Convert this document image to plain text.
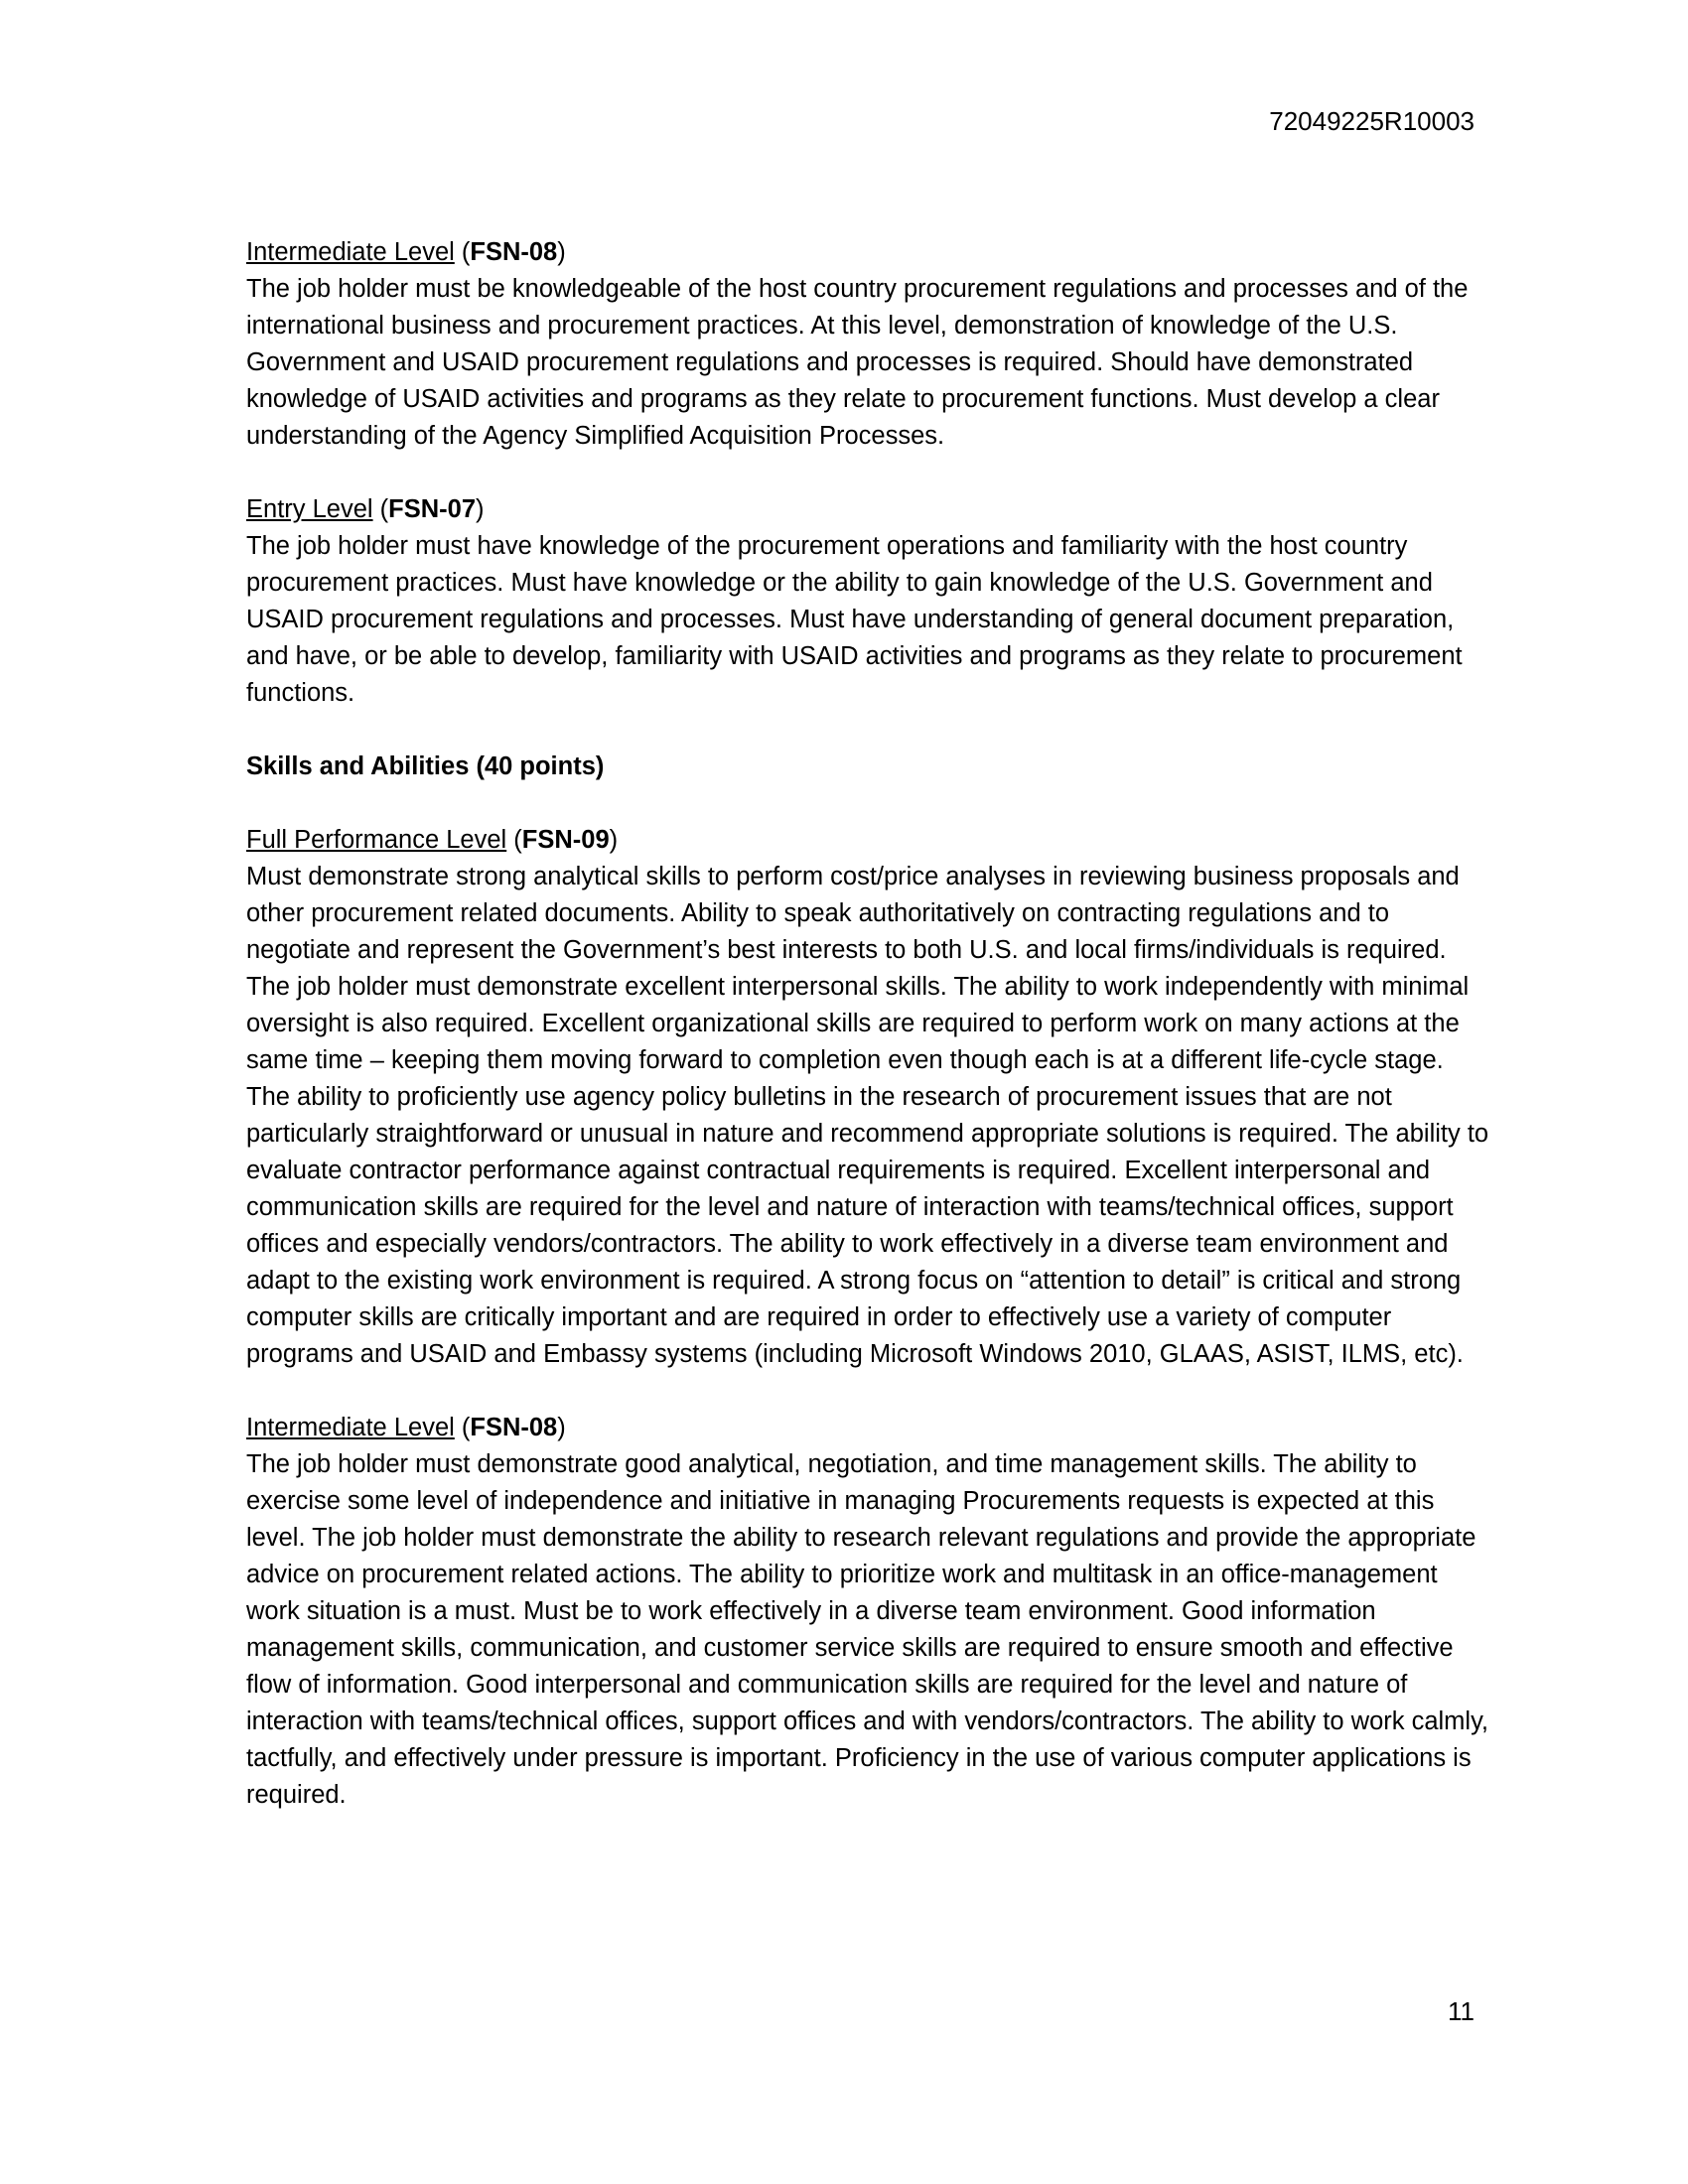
72049225R10003

Intermediate Level (FSN-08)

The job holder must be knowledgeable of the host country procurement regulations and processes and of the international business and procurement practices. At this level, demonstration of knowledge of the U.S. Government and USAID procurement regulations and processes is required. Should have demonstrated knowledge of USAID activities and programs as they relate to procurement functions. Must develop a clear understanding of the Agency Simplified Acquisition Processes.

Entry Level (FSN-07)

The job holder must have knowledge of the procurement operations and familiarity with the host country procurement practices. Must have knowledge or the ability to gain knowledge of the U.S. Government and USAID procurement regulations and processes. Must have understanding of general document preparation, and have, or be able to develop, familiarity with USAID activities and programs as they relate to procurement functions.

Skills and Abilities (40 points)

Full Performance Level (FSN-09)

Must demonstrate strong analytical skills to perform cost/price analyses in reviewing business proposals and other procurement related documents. Ability to speak authoritatively on contracting regulations and to negotiate and represent the Government’s best interests to both U.S. and local firms/individuals is required. The job holder must demonstrate excellent interpersonal skills. The ability to work independently with minimal oversight is also required. Excellent organizational skills are required to perform work on many actions at the same time – keeping them moving forward to completion even though each is at a different life-cycle stage. The ability to proficiently use agency policy bulletins in the research of procurement issues that are not particularly straightforward or unusual in nature and recommend appropriate solutions is required. The ability to evaluate contractor performance against contractual requirements is required. Excellent interpersonal and communication skills are required for the level and nature of interaction with teams/technical offices, support offices and especially vendors/contractors. The ability to work effectively in a diverse team environment and adapt to the existing work environment is required. A strong focus on “attention to detail” is critical and strong computer skills are critically important and are required in order to effectively use a variety of computer programs and USAID and Embassy systems (including Microsoft Windows 2010, GLAAS, ASIST, ILMS, etc).

Intermediate Level (FSN-08)

The job holder must demonstrate good analytical, negotiation, and time management skills. The ability to exercise some level of independence and initiative in managing Procurements requests is expected at this level. The job holder must demonstrate the ability to research relevant regulations and provide the appropriate advice on procurement related actions. The ability to prioritize work and multitask in an office-management work situation is a must. Must be to work effectively in a diverse team environment. Good information management skills, communication, and customer service skills are required to ensure smooth and effective flow of information. Good interpersonal and communication skills are required for the level and nature of interaction with teams/technical offices, support offices and with vendors/contractors. The ability to work calmly, tactfully, and effectively under pressure is important. Proficiency in the use of various computer applications is required.

11
